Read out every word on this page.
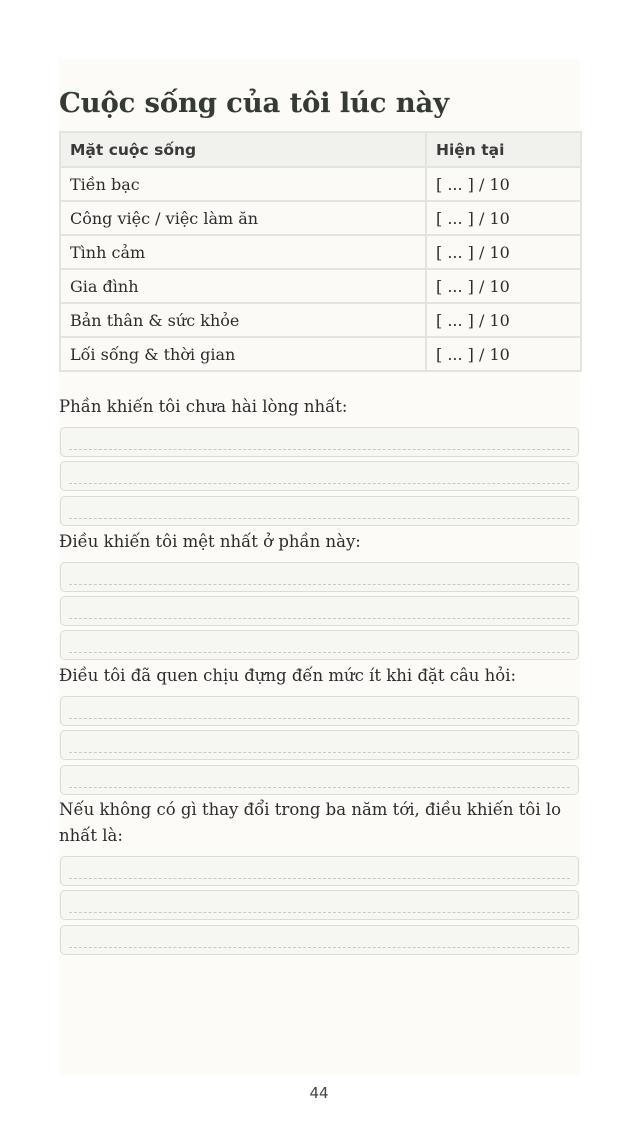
Cuộc sống của tôi lúc này
Mặt cuộc sống	Hiện tại
Tiền bạc	[ ... ] / 10
Công việc / việc làm ăn	[ ... ] / 10
Tình cảm	[ ... ] / 10
Gia đình	[ ... ] / 10
Bản thân & sức khỏe	[ ... ] / 10
Lối sống & thời gian	[ ... ] / 10

Phần khiến tôi chưa hài lòng nhất:

Điều khiến tôi mệt nhất ở phần này:

Điều tôi đã quen chịu đựng đến mức ít khi đặt câu hỏi:

Nếu không có gì thay đổi trong ba năm tới, điều khiến tôi lo nhất là:

44
